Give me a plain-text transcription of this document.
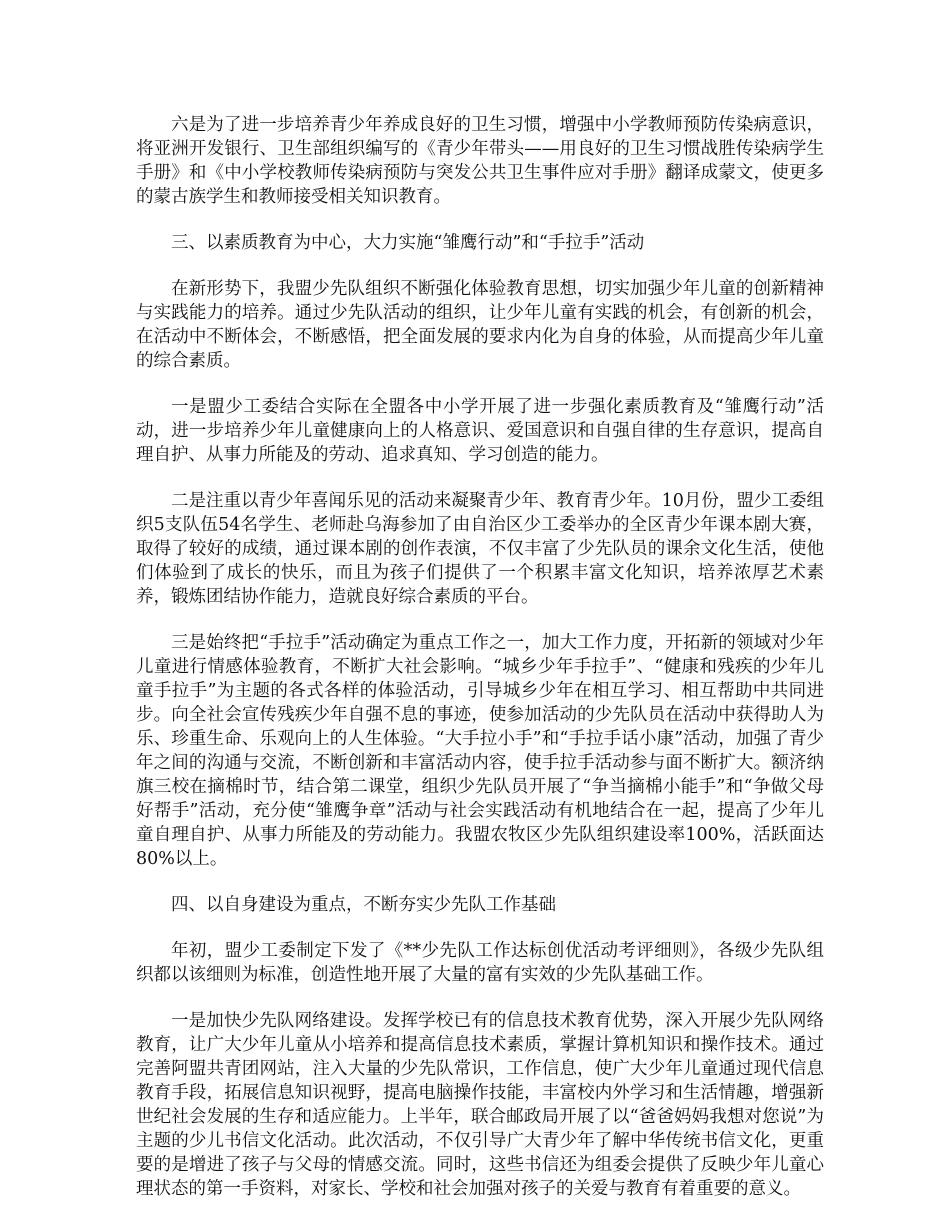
六是为了进一步培养青少年养成良好的卫生习惯，增强中小学教师预防传染病意识，将亚洲开发银行、卫生部组织编写的《青少年带头——用良好的卫生习惯战胜传染病学生手册》和《中小学校教师传染病预防与突发公共卫生事件应对手册》翻译成蒙文，使更多的蒙古族学生和教师接受相关知识教育。

三、以素质教育为中心，大力实施“雏鹰行动”和“手拉手”活动

在新形势下，我盟少先队组织不断强化体验教育思想，切实加强少年儿童的创新精神与实践能力的培养。通过少先队活动的组织，让少年儿童有实践的机会，有创新的机会，在活动中不断体会，不断感悟，把全面发展的要求内化为自身的体验，从而提高少年儿童的综合素质。

一是盟少工委结合实际在全盟各中小学开展了进一步强化素质教育及“雏鹰行动”活动，进一步培养少年儿童健康向上的人格意识、爱国意识和自强自律的生存意识，提高自理自护、从事力所能及的劳动、追求真知、学习创造的能力。

二是注重以青少年喜闻乐见的活动来凝聚青少年、教育青少年。10月份，盟少工委组织5支队伍54名学生、老师赴乌海参加了由自治区少工委举办的全区青少年课本剧大赛，取得了较好的成绩，通过课本剧的创作表演，不仅丰富了少先队员的课余文化生活，使他们体验到了成长的快乐，而且为孩子们提供了一个积累丰富文化知识，培养浓厚艺术素养，锻炼团结协作能力，造就良好综合素质的平台。

三是始终把“手拉手”活动确定为重点工作之一，加大工作力度，开拓新的领域对少年儿童进行情感体验教育，不断扩大社会影响。“城乡少年手拉手”、“健康和残疾的少年儿童手拉手”为主题的各式各样的体验活动，引导城乡少年在相互学习、相互帮助中共同进步。向全社会宣传残疾少年自强不息的事迹，使参加活动的少先队员在活动中获得助人为乐、珍重生命、乐观向上的人生体验。“大手拉小手”和“手拉手话小康”活动，加强了青少年之间的沟通与交流，不断创新和丰富活动内容，使手拉手活动参与面不断扩大。额济纳旗三校在摘棉时节，结合第二课堂，组织少先队员开展了“争当摘棉小能手”和“争做父母好帮手”活动，充分使“雏鹰争章”活动与社会实践活动有机地结合在一起，提高了少年儿童自理自护、从事力所能及的劳动能力。我盟农牧区少先队组织建设率100%，活跃面达80%以上。

四、以自身建设为重点，不断夯实少先队工作基础

年初，盟少工委制定下发了《**少先队工作达标创优活动考评细则》，各级少先队组织都以该细则为标准，创造性地开展了大量的富有实效的少先队基础工作。

一是加快少先队网络建设。发挥学校已有的信息技术教育优势，深入开展少先队网络教育，让广大少年儿童从小培养和提高信息技术素质，掌握计算机知识和操作技术。通过完善阿盟共青团网站，注入大量的少先队常识，工作信息，使广大少年儿童通过现代信息教育手段，拓展信息知识视野，提高电脑操作技能，丰富校内外学习和生活情趣，增强新世纪社会发展的生存和适应能力。上半年，联合邮政局开展了以“爸爸妈妈我想对您说”为主题的少儿书信文化活动。此次活动，不仅引导广大青少年了解中华传统书信文化，更重要的是增进了孩子与父母的情感交流。同时，这些书信还为组委会提供了反映少年儿童心理状态的第一手资料，对家长、学校和社会加强对孩子的关爱与教育有着重要的意义。
